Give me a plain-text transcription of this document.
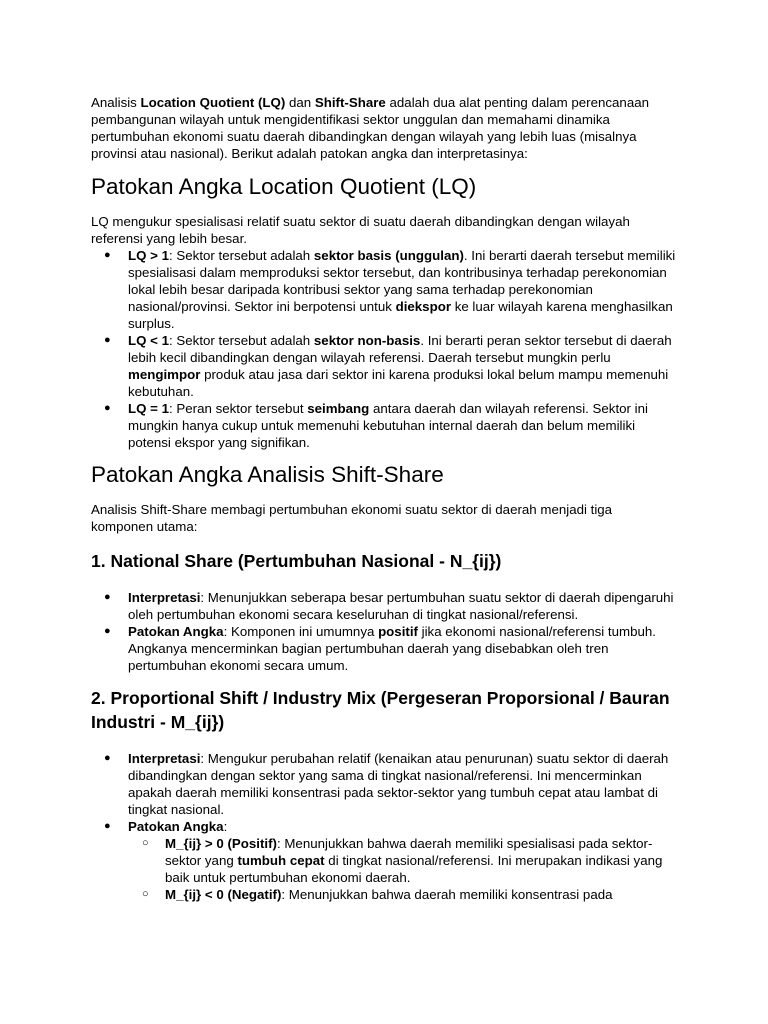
Analisis Location Quotient (LQ) dan Shift-Share adalah dua alat penting dalam perencanaan pembangunan wilayah untuk mengidentifikasi sektor unggulan dan memahami dinamika pertumbuhan ekonomi suatu daerah dibandingkan dengan wilayah yang lebih luas (misalnya provinsi atau nasional). Berikut adalah patokan angka dan interpretasinya:

Patokan Angka Location Quotient (LQ)

LQ mengukur spesialisasi relatif suatu sektor di suatu daerah dibandingkan dengan wilayah referensi yang lebih besar.

● LQ > 1: Sektor tersebut adalah sektor basis (unggulan). Ini berarti daerah tersebut memiliki spesialisasi dalam memproduksi sektor tersebut, dan kontribusinya terhadap perekonomian lokal lebih besar daripada kontribusi sektor yang sama terhadap perekonomian nasional/provinsi. Sektor ini berpotensi untuk diekspor ke luar wilayah karena menghasilkan surplus.
● LQ < 1: Sektor tersebut adalah sektor non-basis. Ini berarti peran sektor tersebut di daerah lebih kecil dibandingkan dengan wilayah referensi. Daerah tersebut mungkin perlu mengimpor produk atau jasa dari sektor ini karena produksi lokal belum mampu memenuhi kebutuhan.
● LQ = 1: Peran sektor tersebut seimbang antara daerah dan wilayah referensi. Sektor ini mungkin hanya cukup untuk memenuhi kebutuhan internal daerah dan belum memiliki potensi ekspor yang signifikan.
Patokan Angka Analisis Shift-Share

Analisis Shift-Share membagi pertumbuhan ekonomi suatu sektor di daerah menjadi tiga komponen utama:

1. National Share (Pertumbuhan Nasional - N_{ij})
● Interpretasi: Menunjukkan seberapa besar pertumbuhan suatu sektor di daerah dipengaruhi oleh pertumbuhan ekonomi secara keseluruhan di tingkat nasional/referensi.
● Patokan Angka: Komponen ini umumnya positif jika ekonomi nasional/referensi tumbuh. Angkanya mencerminkan bagian pertumbuhan daerah yang disebabkan oleh tren pertumbuhan ekonomi secara umum.
2. Proportional Shift / Industry Mix (Pergeseran Proporsional / Bauran Industri - M_{ij})
● Interpretasi: Mengukur perubahan relatif (kenaikan atau penurunan) suatu sektor di daerah dibandingkan dengan sektor yang sama di tingkat nasional/referensi. Ini mencerminkan apakah daerah memiliki konsentrasi pada sektor-sektor yang tumbuh cepat atau lambat di tingkat nasional.
● Patokan Angka:
○ M_{ij} > 0 (Positif): Menunjukkan bahwa daerah memiliki spesialisasi pada sektor-sektor yang tumbuh cepat di tingkat nasional/referensi. Ini merupakan indikasi yang baik untuk pertumbuhan ekonomi daerah.
○ M_{ij} < 0 (Negatif): Menunjukkan bahwa daerah memiliki konsentrasi pada
